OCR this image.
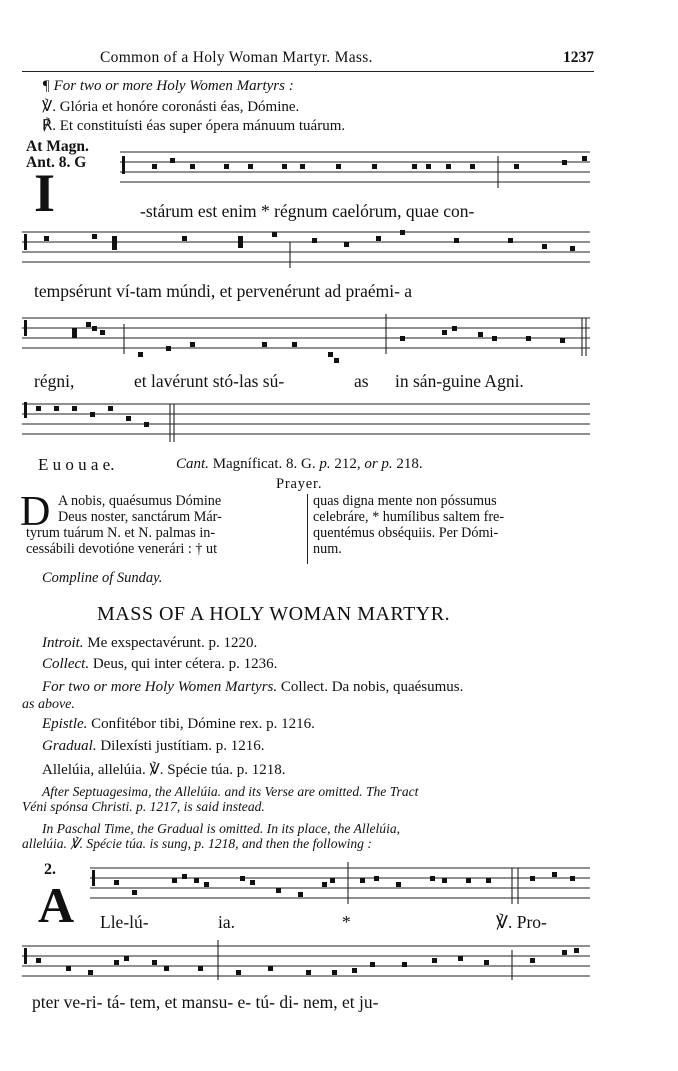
Common of a Holy Woman Martyr. Mass.	1237
¶ For two or more Holy Women Martyrs :
℣. Glória et honóre coronásti éas, Dómine.
℟. Et constituísti éas super ópera mánuum tuárum.
At Magn.
Ant. 8. G
I	-stárum est enim * régnum caelórum, quae con-
tempsérunt ví-tam múndi, et pervenérunt ad praémi- a
régni,	et lavérunt stó-las sú-	as in sán-guine Agni.
E u o u a e.	Cant. Magníficat. 8. G. p. 212, or p. 218.
Prayer.
D A nobis, quaésumus Dómine
Deus noster, sanctárum Már-
tyrum tuárum N. et N. palmas in-
cessábili devotióne venerári : † ut
quas digna mente non póssumus
celebráre, * humílibus saltem fre-
quentémus obséquiis. Per Dómi-
num.
Compline of Sunday.
MASS OF A HOLY WOMAN MARTYR.
Introit. Me exspectavérunt. p. 1220.
Collect. Deus, qui inter cétera. p. 1236.
For two or more Holy Women Martyrs. Collect. Da nobis, quaésumus.
as above.
Epistle. Confitébor tibi, Dómine rex. p. 1216.
Gradual. Dilexísti justítiam. p. 1216.
Allelúia, allelúia. ℣. Spécie túa. p. 1218.
After Septuagesima, the Allelúia. and its Verse are omitted. The Tract
Véni spónsa Christi. p. 1217, is said instead.
In Paschal Time, the Gradual is omitted. In its place, the Allelúia,
allelúia. ℣. Spécie túa. is sung, p. 1218, and then the following :
2.
A Lle-lú-	ia.	*	℣. Pro-
pter ve-ri- tá- tem, et mansu- e- tú- di- nem, et ju-
